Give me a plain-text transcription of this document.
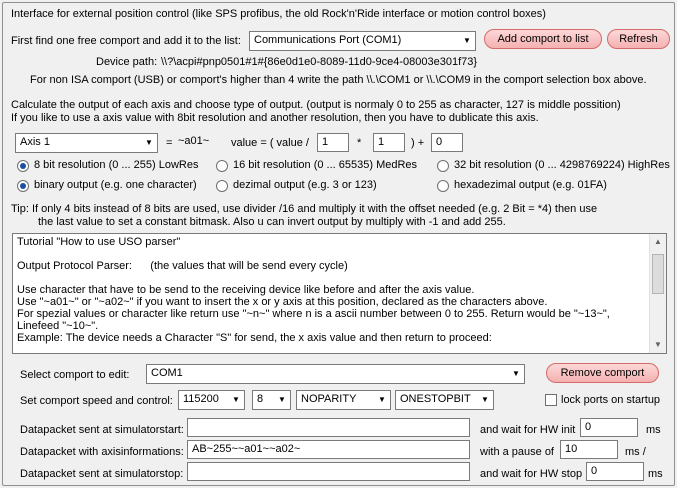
Interface for external position control (like SPS profibus, the old Rock'n'Ride interface or motion control boxes)
First find one free comport and add it to the list:	Communications Port (COM1)	▼	Add comport to list	Refresh
Device path: \\?\acpi#pnp0501#1#{86e0d1e0-8089-11d0-9ce4-08003e301f73}
For non ISA comport (USB) or comport's higher than 4 write the path \\.\COM1 or \\.\COM9 in the comport selection box above.
Calculate the output of each axis and choose type of output. (output is normaly 0 to 255 as character, 127 is middle possition)
If you like to use a axis value with 8bit resolution and another resolution, then you have to dublicate this axis.
Axis 1	▼	= ~a01~ value = ( value /	1	*	1	) +	0
8 bit resolution (0 ... 255) LowRes	16 bit resolution (0 ... 65535) MedRes	32 bit resolution (0 ... 4298769224) HighRes
binary output (e.g. one character)	dezimal output (e.g. 3 or 123)	hexadezimal output (e.g. 01FA)
Tip: If only 4 bits instead of 8 bits are used, use divider /16 and multiply it with the offset needed (e.g. 2 Bit = *4) then use
the last value to set a constant bitmask. Also u can invert output by multiply with -1 and add 255.
Tutorial "How to use USO parser"

Output Protocol Parser:      (the values that will be send every cycle)

Use character that have to be send to the receiving device like before and after the axis value.
Use "~a01~" or "~a02~" if you want to insert the x or y axis at this position, declared as the characters above.
For spezial values or character like return use "~n~" where n is a ascii number between 0 to 255. Return would be "~13~",
Linefeed "~10~".
Example: The device needs a Character "S" for send, the x axis value and then return to proceed:
▲
▼
Select comport to edit:	COM1	▼	Remove comport
Set comport speed and control: 115200	▼	8	▼	NOPARITY	▼	ONESTOPBIT	▼	lock ports on startup
Datapacket sent at simulatorstart:	and wait for HW init 0	ms
Datapacket with axisinformations: AB~255~~a01~~a02~	with a pause of	10	ms /
Datapacket sent at simulatorstop:	and wait for HW stop 0	ms
